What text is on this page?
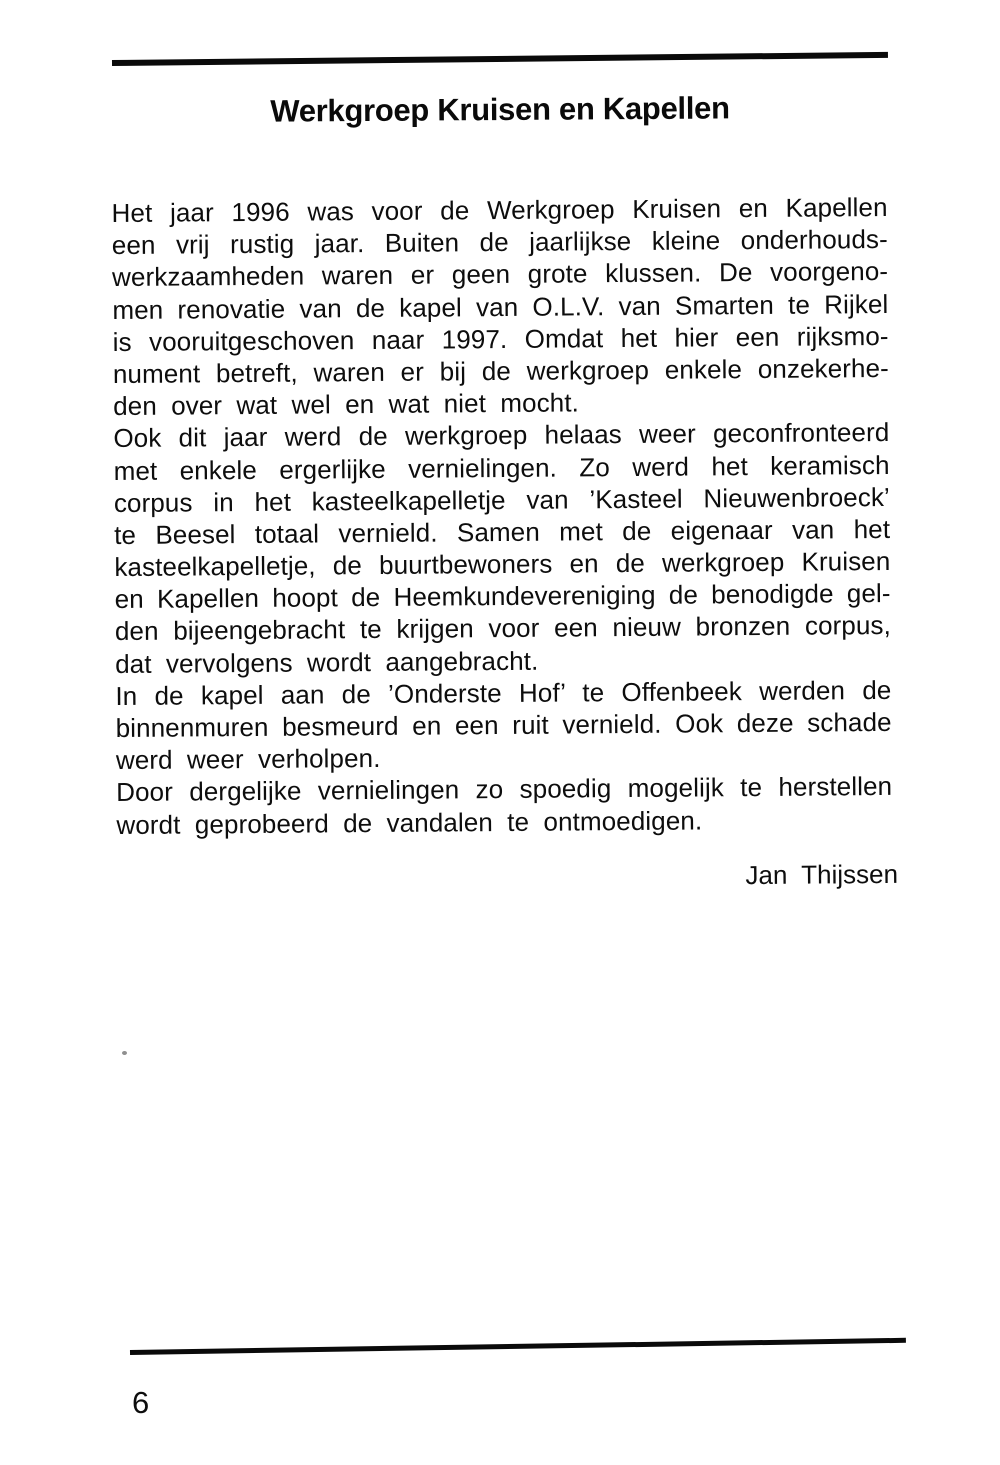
Werkgroep Kruisen en Kapellen
Het jaar 1996 was voor de Werkgroep Kruisen en Kapellen
een vrij rustig jaar. Buiten de jaarlijkse kleine onderhouds-
werkzaamheden waren er geen grote klussen. De voorgeno-
men renovatie van de kapel van O.L.V. van Smarten te Rijkel
is vooruitgeschoven naar 1997. Omdat het hier een rijksmo-
nument betreft, waren er bij de werkgroep enkele onzekerhe-
den over wat wel en wat niet mocht.
Ook dit jaar werd de werkgroep helaas weer geconfronteerd
met enkele ergerlijke vernielingen. Zo werd het keramisch
corpus in het kasteelkapelletje van ’Kasteel Nieuwenbroeck’
te Beesel totaal vernield. Samen met de eigenaar van het
kasteelkapelletje, de buurtbewoners en de werkgroep Kruisen
en Kapellen hoopt de Heemkundevereniging de benodigde gel-
den bijeengebracht te krijgen voor een nieuw bronzen corpus,
dat vervolgens wordt aangebracht.
In de kapel aan de ’Onderste Hof’ te Offenbeek werden de
binnenmuren besmeurd en een ruit vernield. Ook deze schade
werd weer verholpen.
Door dergelijke vernielingen zo spoedig mogelijk te herstellen
wordt geprobeerd de vandalen te ontmoedigen.
Jan Thijssen
6
